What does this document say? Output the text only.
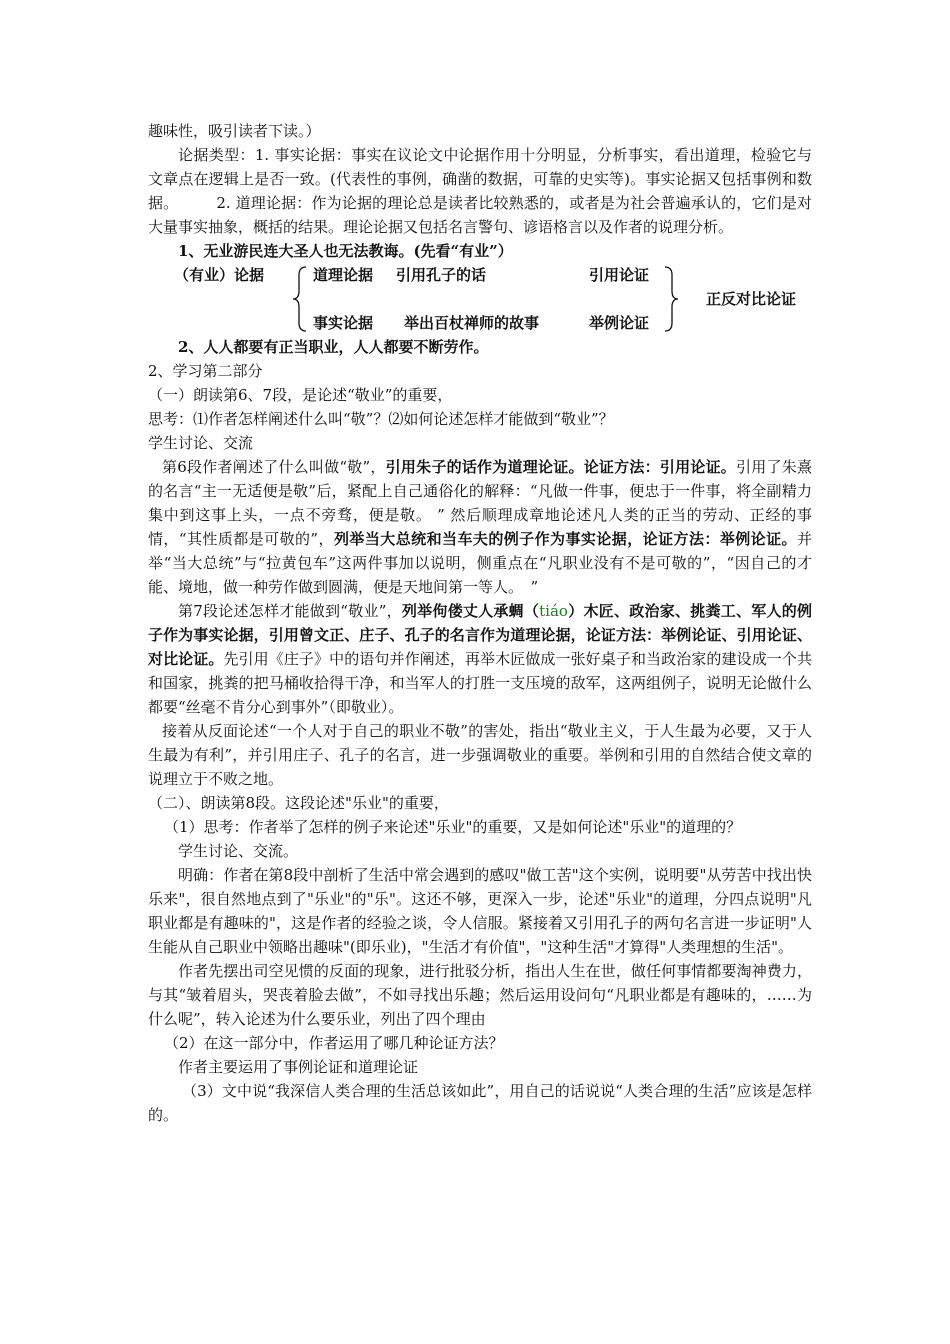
趣味性，吸引读者下读。）

论据类型：1. 事实论据：事实在议论文中论据作用十分明显，分析事实，看出道理，检验它与文章点在逻辑上是否一致。(代表性的事例，确凿的数据，可靠的史实等)。事实论据又包括事例和数据。　　　2. 道理论据：作为论据的理论总是读者比较熟悉的，或者是为社会普遍承认的，它们是对大量事实抽象，概括的结果。理论论据又包括名言警句、谚语格言以及作者的说理分析。

1、无业游民连大圣人也无法教诲。(先看“有业”）

（有业）论据	道理论据 引用孔子的话	引用论证
事实论据 举出百杖禅师的故事	举例论证
正反对比论证

2、人人都要有正当职业，人人都要不断劳作。

2、学习第二部分

（一）朗读第6、7段，是论述“敬业”的重要，

思考：⑴作者怎样阐述什么叫“敬”？⑵如何论述怎样才能做到“敬业”？

学生讨论、交流

第6段作者阐述了什么叫做“敬”，引用朱子的话作为道理论证。论证方法：引用论证。引用了朱熹的名言“主一无适便是敬”后，紧配上自己通俗化的解释：“凡做一件事，便忠于一件事，将全副精力集中到这事上头，一点不旁骛，便是敬。 ” 然后顺理成章地论述凡人类的正当的劳动、正经的事情，“其性质都是可敬的”，列举当大总统和当车夫的例子作为事实论据，论证方法：举例论证。并举“当大总统”与“拉黄包车”这两件事加以说明，侧重点在“凡职业没有不是可敬的”，“因自己的才能、境地，做一种劳作做到圆满，便是天地间第一等人。　”

第7段论述怎样才能做到“敬业”，列举佝偻丈人承蜩（tiáo）木匠、政治家、挑粪工、军人的例子作为事实论据，引用曾文正、庄子、孔子的名言作为道理论据，论证方法：举例论证、引用论证、对比论证。先引用《庄子》中的语句并作阐述，再举木匠做成一张好桌子和当政治家的建设成一个共和国家，挑粪的把马桶收拾得干净，和当军人的打胜一支压境的敌军，这两组例子，说明无论做什么都要“丝毫不肯分心到事外”（即敬业）。

接着从反面论述“一个人对于自己的职业不敬”的害处，指出“敬业主义，于人生最为必要，又于人生最为有利”，并引用庄子、孔子的名言，进一步强调敬业的重要。举例和引用的自然结合使文章的说理立于不败之地。

（二）、朗读第8段。这段论述"乐业"的重要，

（1）思考：作者举了怎样的例子来论述"乐业"的重要，又是如何论述"乐业"的道理的？

学生讨论、交流。

明确：作者在第8段中剖析了生活中常会遇到的感叹"做工苦"这个实例，说明要"从劳苦中找出快乐来"，很自然地点到了"乐业"的"乐"。这还不够，更深入一步，论述"乐业"的道理，分四点说明"凡职业都是有趣味的"，这是作者的经验之谈，令人信服。紧接着又引用孔子的两句名言进一步证明"人生能从自己职业中领略出趣味"(即乐业)，"生活才有价值"，"这种生活"才算得"人类理想的生活"。

作者先摆出司空见惯的反面的现象，进行批驳分析，指出人生在世，做任何事情都要淘神费力，与其“皱着眉头，哭丧着脸去做”，不如寻找出乐趣；然后运用设问句“凡职业都是有趣味的，……为什么呢”，转入论述为什么要乐业，列出了四个理由

（2）在这一部分中，作者运用了哪几种论证方法？

作者主要运用了事例论证和道理论证

（3）文中说“我深信人类合理的生活总该如此”，用自己的话说说“人类合理的生活”应该是怎样的。
